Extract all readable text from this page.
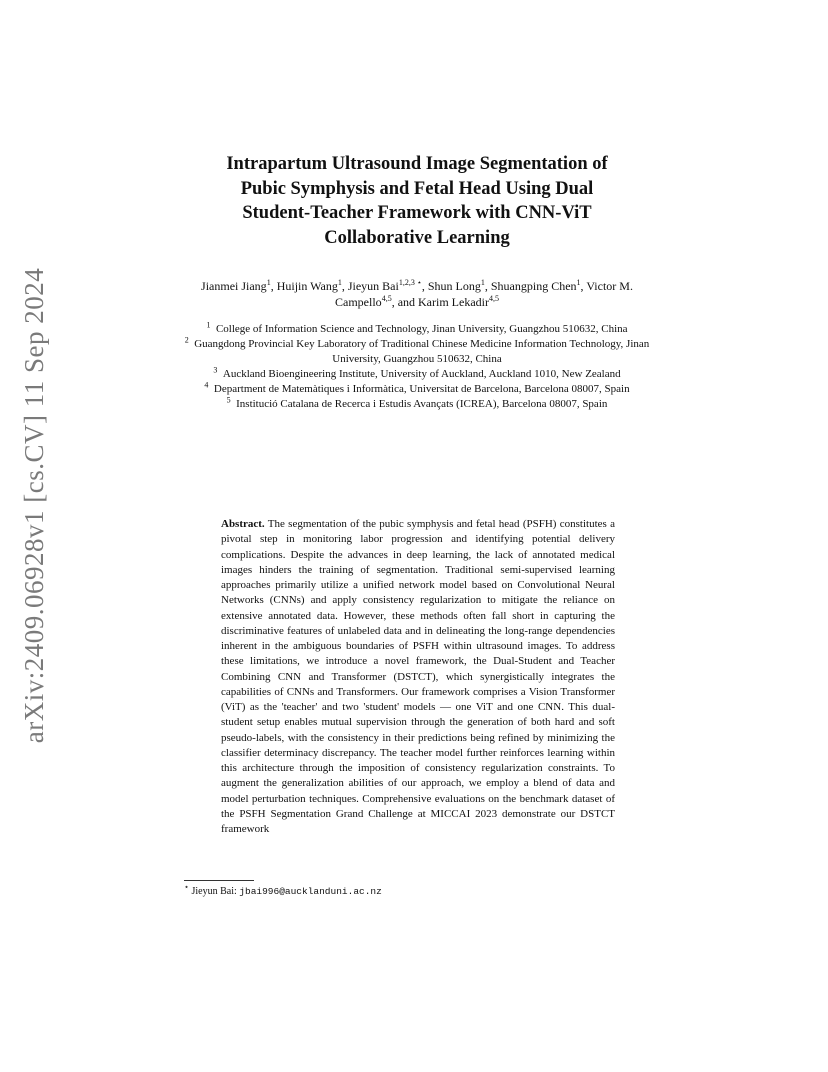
arXiv:2409.06928v1 [cs.CV] 11 Sep 2024
Intrapartum Ultrasound Image Segmentation of
Pubic Symphysis and Fetal Head Using Dual
Student-Teacher Framework with CNN-ViT
Collaborative Learning

Jianmei Jiang$^1$, Huijin Wang$^1$, Jieyun Bai$^{1,2,3 ⋆}$, Shun Long$^1$, Shuangping Chen$^1$, Victor M. Campello$^{4,5}$, and Karim Lekadir$^{4,5}$

$^1$  College of Information Science and Technology, Jinan University, Guangzhou 510632, China

$^2$  Guangdong Provincial Key Laboratory of Traditional Chinese Medicine Information Technology, Jinan University, Guangzhou 510632, China

$^3$  Auckland Bioengineering Institute, University of Auckland, Auckland 1010, New Zealand

$^4$  Department de Matemàtiques i Informàtica, Universitat de Barcelona, Barcelona 08007, Spain

$^5$  Institució Catalana de Recerca i Estudis Avançats (ICREA), Barcelona 08007, Spain

Abstract. The segmentation of the pubic symphysis and fetal head (PSFH) constitutes a pivotal step in monitoring labor progression and identifying potential delivery complications. Despite the advances in deep learning, the lack of annotated medical images hinders the training of segmentation. Traditional semi-supervised learning approaches primarily utilize a unified network model based on Convolutional Neural Networks (CNNs) and apply consistency regularization to mitigate the reliance on extensive annotated data. However, these methods often fall short in capturing the discriminative features of unlabeled data and in delineating the long-range dependencies inherent in the ambiguous boundaries of PSFH within ultrasound images. To address these limitations, we introduce a novel framework, the Dual-Student and Teacher Combining CNN and Transformer (DSTCT), which synergistically integrates the capabilities of CNNs and Transformers. Our framework comprises a Vision Transformer (ViT) as the 'teacher' and two 'student' models — one ViT and one CNN. This dual-student setup enables mutual supervision through the generation of both hard and soft pseudo-labels, with the consistency in their predictions being refined by minimizing the classifier determinacy discrepancy. The teacher model further reinforces learning within this architecture through the imposition of consistency regularization constraints. To augment the generalization abilities of our approach, we employ a blend of data and model perturbation techniques. Comprehensive evaluations on the benchmark dataset of the PSFH Segmentation Grand Challenge at MICCAI 2023 demonstrate our DSTCT framework

⋆ Jieyun Bai: jbai996@aucklanduni.ac.nz
